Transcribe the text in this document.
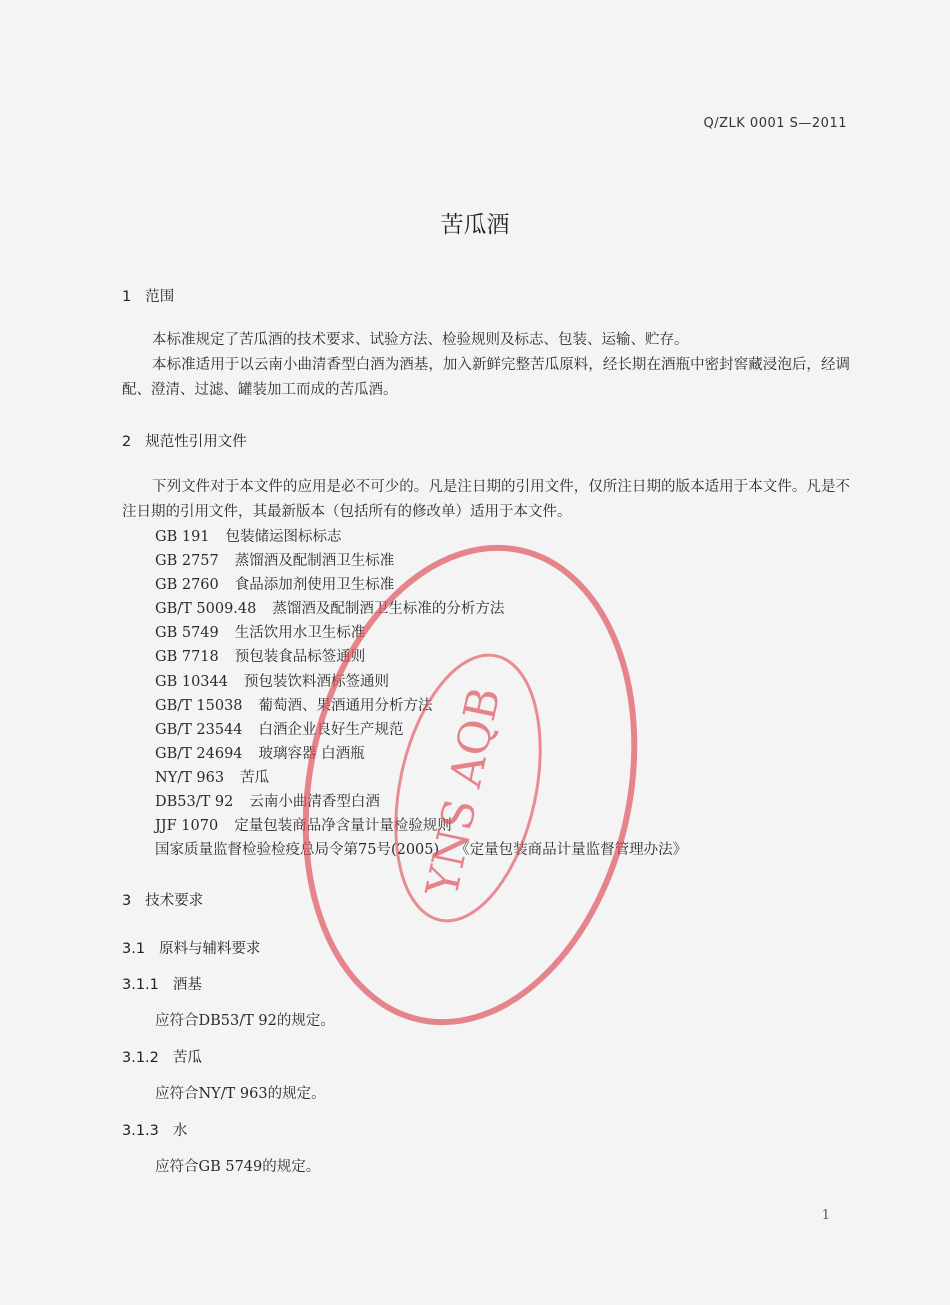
Q/ZLK 0001 S—2011
苦瓜酒
1 范围
本标准规定了苦瓜酒的技术要求、试验方法、检验规则及标志、包装、运输、贮存。
本标准适用于以云南小曲清香型白酒为酒基，加入新鲜完整苦瓜原料，经长期在酒瓶中密封窖藏浸泡后，经调配、澄清、过滤、罐装加工而成的苦瓜酒。
2 规范性引用文件
下列文件对于本文件的应用是必不可少的。凡是注日期的引用文件，仅所注日期的版本适用于本文件。凡是不注日期的引用文件，其最新版本（包括所有的修改单）适用于本文件。
GB 191 包装储运图标标志
GB 2757 蒸馏酒及配制酒卫生标准
GB 2760 食品添加剂使用卫生标准
GB/T 5009.48 蒸馏酒及配制酒卫生标准的分析方法
GB 5749 生活饮用水卫生标准
GB 7718 预包装食品标签通则
GB 10344 预包装饮料酒标签通则
GB/T 15038 葡萄酒、果酒通用分析方法
GB/T 23544 白酒企业良好生产规范
GB/T 24694 玻璃容器 白酒瓶
NY/T 963 苦瓜
DB53/T 92 云南小曲清香型白酒
JJF 1070 定量包装商品净含量计量检验规则
国家质量监督检验检疫总局令第75号(2005) 《定量包装商品计量监督管理办法》
3 技术要求
3.1 原料与辅料要求
3.1.1 酒基
应符合DB53/T 92的规定。
3.1.2 苦瓜
应符合NY/T 963的规定。
3.1.3 水
应符合GB 5749的规定。
YNS AQB
1
